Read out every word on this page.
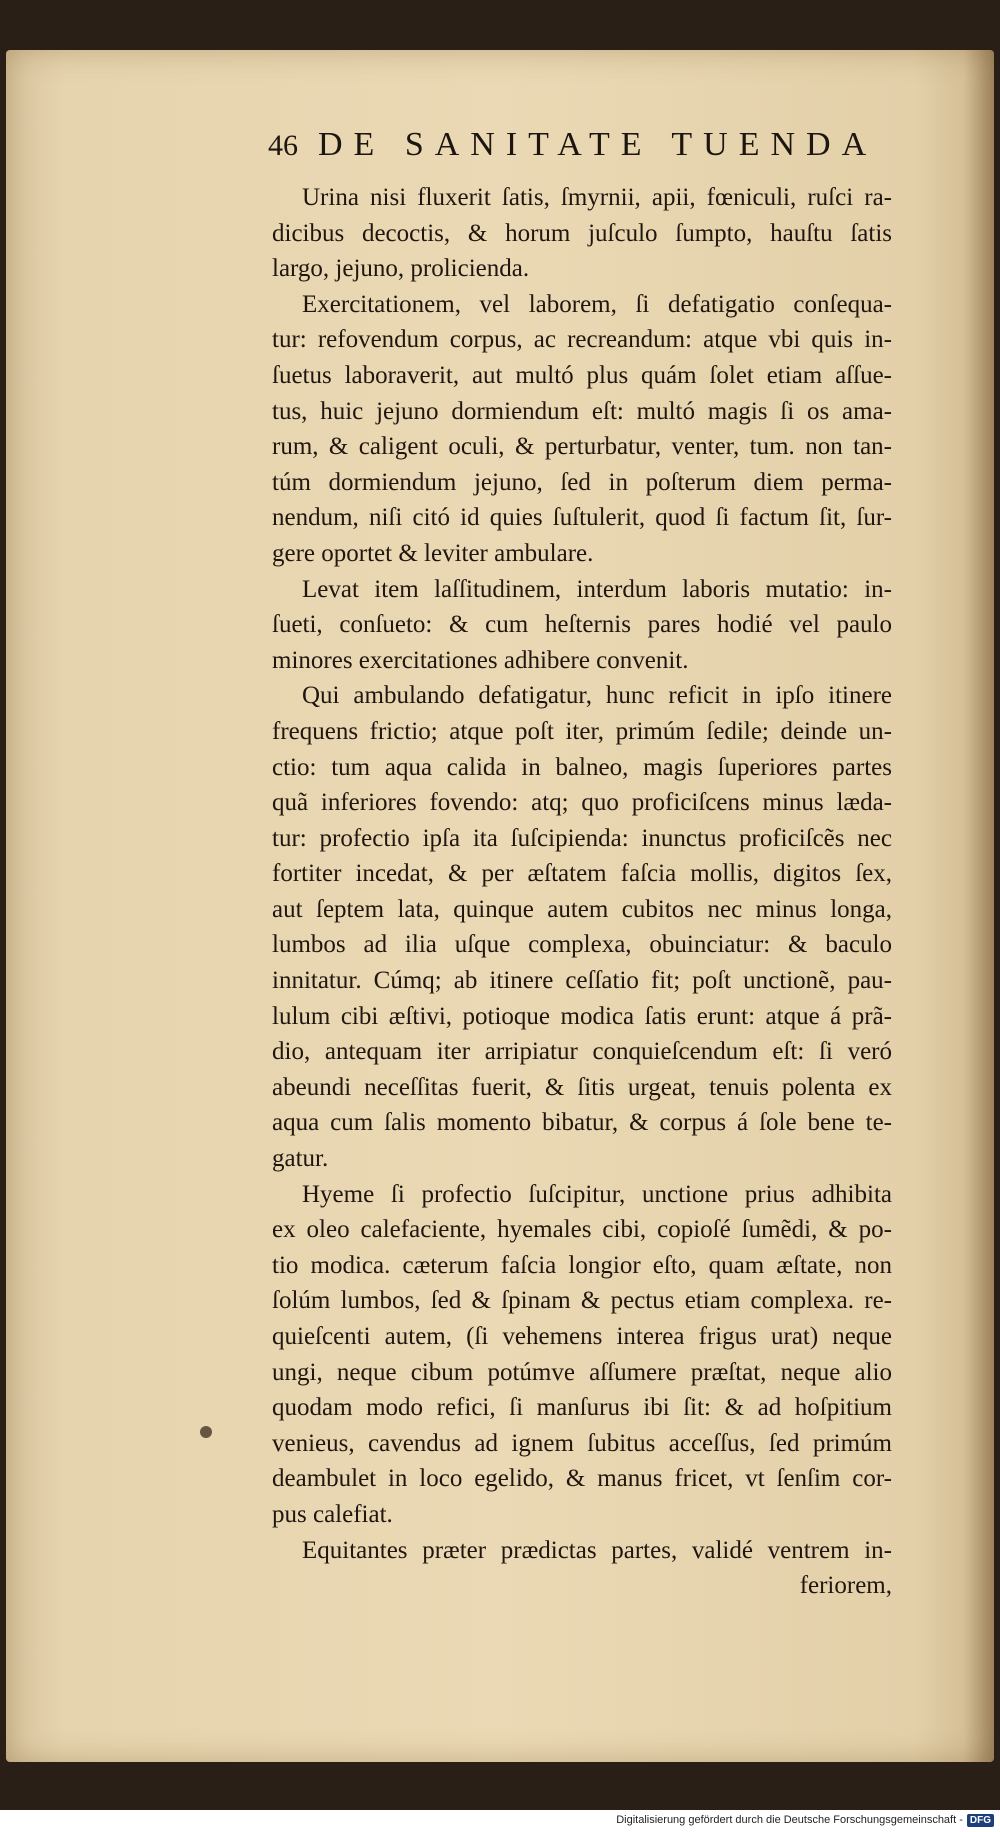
46 DE SANITATE TUENDA
Urina nisi fluxerit ſatis, ſmyrnii, apii, fœniculi, ruſci ra-
dicibus decoctis, & horum juſculo ſumpto, hauſtu ſatis
largo, jejuno, prolicienda.
Exercitationem, vel laborem, ſi defatigatio conſequa-
tur: refovendum corpus, ac recreandum: atque vbi quis in-
ſuetus laboraverit, aut multó plus quám ſolet etiam aſſue-
tus, huic jejuno dormiendum eſt: multó magis ſi os ama-
rum, & caligent oculi, & perturbatur, venter, tum. non tan-
túm dormiendum jejuno, ſed in poſterum diem perma-
nendum, niſi citó id quies ſuſtulerit, quod ſi factum ſit, ſur-
gere oportet & leviter ambulare.
Levat item laſſitudinem, interdum laboris mutatio: in-
ſueti, conſueto: & cum heſternis pares hodié vel paulo
minores exercitationes adhibere convenit.
Qui ambulando defatigatur, hunc reficit in ipſo itinere
frequens frictio; atque poſt iter, primúm ſedile; deinde un-
ctio: tum aqua calida in balneo, magis ſuperiores partes
quã inferiores fovendo: atq; quo proficiſcens minus læda-
tur: profectio ipſa ita ſuſcipienda: inunctus proficiſcẽs nec
fortiter incedat, & per æſtatem faſcia mollis, digitos ſex,
aut ſeptem lata, quinque autem cubitos nec minus longa,
lumbos ad ilia uſque complexa, obuinciatur: & baculo
innitatur. Cúmq; ab itinere ceſſatio fit; poſt unctionẽ, pau-
lulum cibi æſtivi, potioque modica ſatis erunt: atque á prã-
dio, antequam iter arripiatur conquieſcendum eſt: ſi veró
abeundi neceſſitas fuerit, & ſitis urgeat, tenuis polenta ex
aqua cum ſalis momento bibatur, & corpus á ſole bene te-
gatur.
Hyeme ſi profectio ſuſcipitur, unctione prius adhibita
ex oleo calefaciente, hyemales cibi, copioſé ſumẽdi, & po-
tio modica. cæterum faſcia longior eſto, quam æſtate, non
ſolúm lumbos, ſed & ſpinam & pectus etiam complexa. re-
quieſcenti autem, (ſi vehemens interea frigus urat) neque
ungi, neque cibum potúmve aſſumere præſtat, neque alio
quodam modo refici, ſi manſurus ibi ſit: & ad hoſpitium
venieus, cavendus ad ignem ſubitus acceſſus, ſed primúm
deambulet in loco egelido, & manus fricet, vt ſenſim cor-
pus calefiat.
Equitantes præter prædictas partes, validé ventrem in-
feriorem,
Digitalisierung gefördert durch die Deutsche Forschungsgemeinschaft - DFG
